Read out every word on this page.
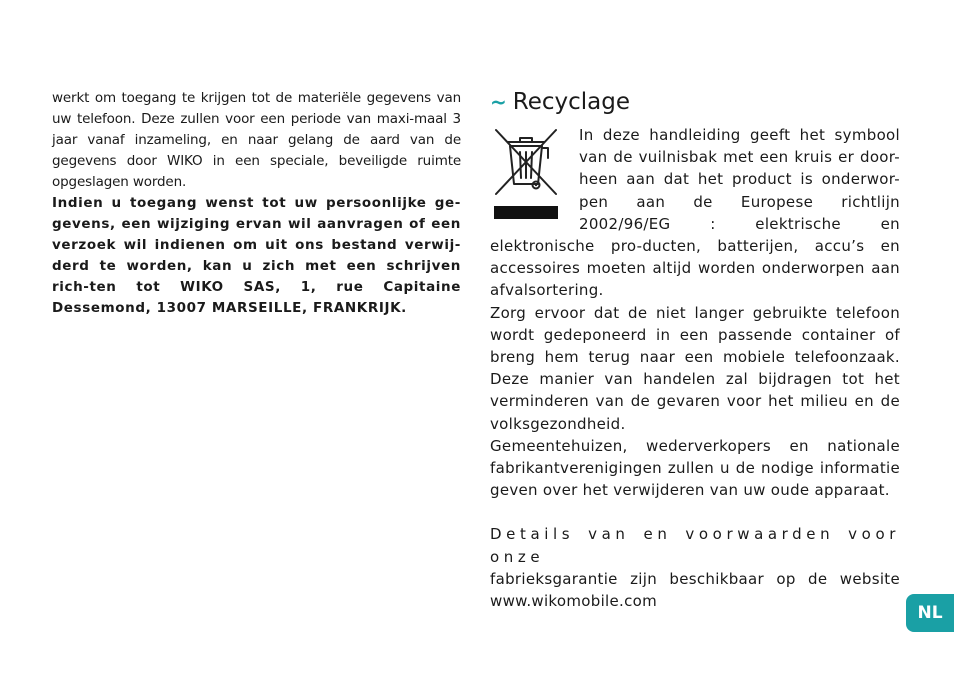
werkt om toegang te krijgen tot de materiële gegevens van uw telefoon. Deze zullen voor een periode van maxi-maal 3 jaar vanaf inzameling, en naar gelang de aard van de gegevens door WIKO in een speciale, beveiligde ruimte opgeslagen worden.

Indien u toegang wenst tot uw persoonlijke ge-gevens, een wijziging ervan wil aanvragen of een verzoek wil indienen om uit ons bestand verwij-derd te worden, kan u zich met een schrijven rich-ten tot WIKO SAS, 1, rue Capitaine Dessemond, 13007 MARSEILLE, FRANKRIJK.

~ Recyclage

In deze handleiding geeft het symbool van de vuilnisbak met een kruis er door-heen aan dat het product is onderwor-pen aan de Europese richtlijn 2002/96/EG : elektrische en elektronische pro-ducten, batterijen, accu’s en accessoires moeten altijd worden onderworpen aan afvalsortering.

Zorg ervoor dat de niet langer gebruikte telefoon wordt gedeponeerd in een passende container of breng hem terug naar een mobiele telefoonzaak. Deze manier van handelen zal bijdragen tot het verminderen van de gevaren voor het milieu en de volksgezondheid.

Gemeentehuizen, wederverkopers en nationale fabrikantverenigingen zullen u de nodige informatie geven over het verwijderen van uw oude apparaat.

Details van en voorwaarden voor onze

fabrieksgarantie zijn beschikbaar op de website www.wikomobile.com

NL
